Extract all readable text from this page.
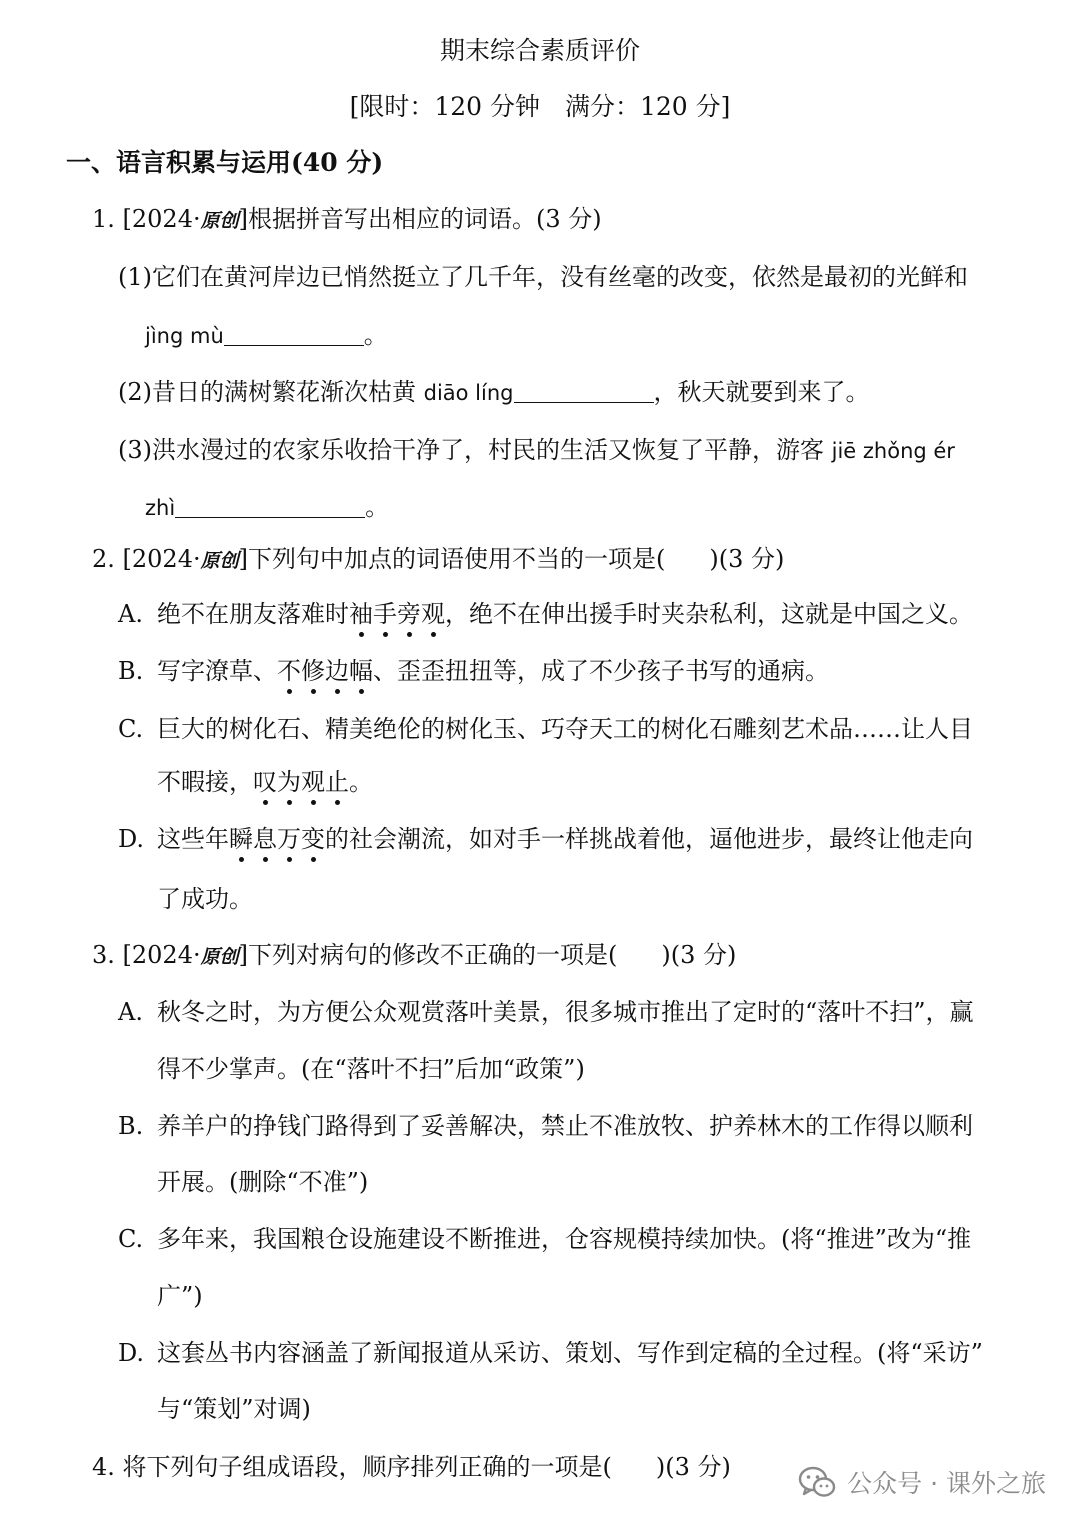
期末综合素质评价
[限时：120 分钟　满分：120 分]
一、语言积累与运用(40 分)
1. [2024·原创]根据拼音写出相应的词语。(3 分)
(1)它们在黄河岸边已悄然挺立了几千年，没有丝毫的改变，依然是最初的光鲜和
jìng mù	。
(2)昔日的满树繁花渐次枯黄 diāo líng	，秋天就要到来了。
(3)洪水漫过的农家乐收拾干净了，村民的生活又恢复了平静，游客 jiē zhǒng ér
zhì	。
2. [2024·原创]下列句中加点的词语使用不当的一项是( )(3 分)
A. 绝不在朋友落难时袖手旁观，绝不在伸出援手时夹杂私利，这就是中国之义。
B. 写字潦草、不修边幅、歪歪扭扭等，成了不少孩子书写的通病。
C. 巨大的树化石、精美绝伦的树化玉、巧夺天工的树化石雕刻艺术品……让人目
不暇接，叹为观止。
D. 这些年瞬息万变的社会潮流，如对手一样挑战着他，逼他进步，最终让他走向
了成功。
3. [2024·原创]下列对病句的修改不正确的一项是( )(3 分)
A. 秋冬之时，为方便公众观赏落叶美景，很多城市推出了定时的“落叶不扫”，赢
得不少掌声。(在“落叶不扫”后加“政策”)
B. 养羊户的挣钱门路得到了妥善解决，禁止不准放牧、护养林木的工作得以顺利
开展。(删除“不准”)
C. 多年来，我国粮仓设施建设不断推进，仓容规模持续加快。(将“推进”改为“推
广”)
D. 这套丛书内容涵盖了新闻报道从采访、策划、写作到定稿的全过程。(将“采访”
与“策划”对调)
4. 将下列句子组成语段，顺序排列正确的一项是( )(3 分)
公众号 · 课外之旅
